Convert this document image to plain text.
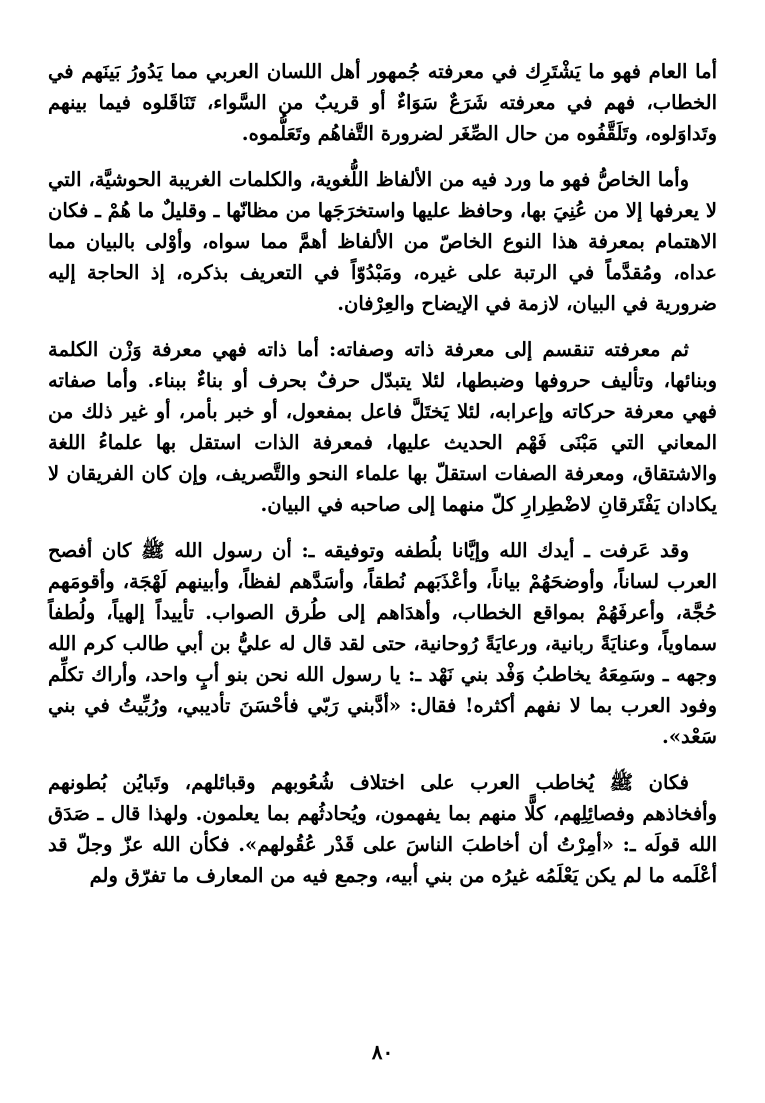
أما العام فهو ما يَشْتَرِك في معرفته جُمهور أهل اللسان العربي مما يَدُورُ بَينَهم في الخطاب، فهم في معرفته شَرَعٌ سَوَاءٌ أو قريبٌ من السَّواء، تَنَاقَلوه فيما بينهم وتَداوَلوه، وتَلَقَّفُوه من حال الصِّغَر لضرورة التَّفاهُم وتَعَلُّموه.

وأما الخاصُّ فهو ما ورد فيه من الألفاظ اللُّغوية، والكلمات الغريبة الحوشيَّة، التي لا يعرفها إلا من عُنِيَ بها، وحافظ عليها واستخرَجَها من مظانّها ـ وقليلٌ ما هُمْ ـ فكان الاهتمام بمعرفة هذا النوع الخاصّ من الألفاظ أهمَّ مما سواه، وأوْلى بالبيان مما عداه، ومُقدَّماً في الرتبة على غيره، ومَبْدُوّاً في التعريف بذكره، إذ الحاجة إليه ضرورية في البيان، لازمة في الإيضاح والعِرْفان.

ثم معرفته تنقسم إلى معرفة ذاته وصفاته: أما ذاته فهي معرفة وَزْن الكلمة وبنائها، وتأليف حروفها وضبطها، لئلا يتبدّل حرفٌ بحرف أو بناءٌ ببناء. وأما صفاته فهي معرفة حركاته وإعرابه، لئلا يَختَلَّ فاعل بمفعول، أو خبر بأمر، أو غير ذلك من المعاني التي مَبْنَى فَهْم الحديث عليها، فمعرفة الذات استقل بها علماءُ اللغة والاشتقاق، ومعرفة الصفات استقلّ بها علماء النحو والتَّصريف، وإن كان الفريقان لا يكادان يَفْتَرقانِ لاضْطِرارِ كلّ منهما إلى صاحبه في البيان.

وقد عَرفت ـ أيدك الله وإيَّانا بلُطفه وتوفيقه ـ: أن رسول الله ﷺ كان أفصح العرب لساناً، وأوضحَهُمْ بياناً، وأعْذَبَهم نُطقاً، وأسَدَّهم لفظاً، وأبينهم لَهْجَة، وأقومَهم حُجَّة، وأعرفَهُمْ بمواقع الخطاب، وأهدَاهم إلى طُرق الصواب. تأييداً إلهياً، ولُطفاً سماوياً، وعنايَةً ربانية، ورعايَةً رُوحانية، حتى لقد قال له عليُّ بن أبي طالب كرم الله وجهه ـ وسَمِعَهُ يخاطبُ وَفْد بني نَهْد ـ: يا رسول الله نحن بنو أبٍ واحد، وأراك تكلِّم وفود العرب بما لا نفهم أكثره! فقال: «أدَّبني رَبّي فأحْسَنَ تأديبي، ورُبِّيتُ في بني سَعْد».

فكان ﷺ يُخاطب العرب على اختلاف شُعُوبهم وقبائلهم، وتَبايُن بُطونهم وأفخاذهم وفصائِلِهم، كلًّا منهم بما يفهمون، ويُحادثُهم بما يعلمون. ولهذا قال ـ صَدَق الله قولَه ـ: «أمِرْتُ أن أخاطبَ الناسَ على قَدْر عُقُولهم». فكأن الله عزّ وجلّ قد أعْلَمه ما لم يكن يَعْلَمُه غيرُه من بني أبيه، وجمع فيه من المعارف ما تفرّق ولم

٨٠
